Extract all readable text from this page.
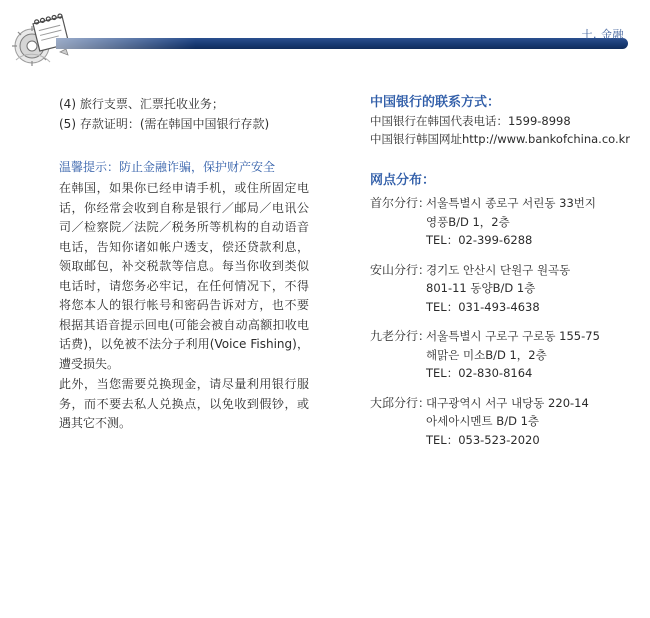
十. 金融
(4) 旅行支票、汇票托收业务；
(5) 存款证明：(需在韩国中国银行存款)
温馨提示：防止金融诈骗，保护财产安全

在韩国，如果你已经申请手机，或住所固定电话，你经常会收到自称是银行／邮局／电讯公司／检察院／法院／税务所等机构的自动语音电话，告知你诸如帐户透支，偿还贷款利息，领取邮包，补交税款等信息。每当你收到类似电话时，请您务必牢记，在任何情况下，不得将您本人的银行帐号和密码告诉对方，也不要根据其语音提示回电(可能会被自动高额扣收电话费)，以免被不法分子利用(Voice Fishing)，遭受损失。

此外，当您需要兑换现金，请尽量利用银行服务，而不要去私人兑换点，以免收到假钞，或遇其它不测。

中国银行的联系方式：
中国银行在韩国代表电话：1599-8998
中国银行韩国网址http://www.bankofchina.co.kr
网点分布：
首尔分行：
서울특별시 종로구 서린동 33번지
영풍B/D 1，2층
TEL：02-399-6288
安山分行：
경기도 안산시 단원구 원곡동
801-11 동양B/D 1층
TEL：031-493-4638
九老分行：
서울특별시 구로구 구로동 155-75
해맑은 미소B/D 1，2층
TEL：02-830-8164
大邱分行：
대구광역시 서구 내당동 220-14
아세아시멘트 B/D 1층
TEL：053-523-2020
